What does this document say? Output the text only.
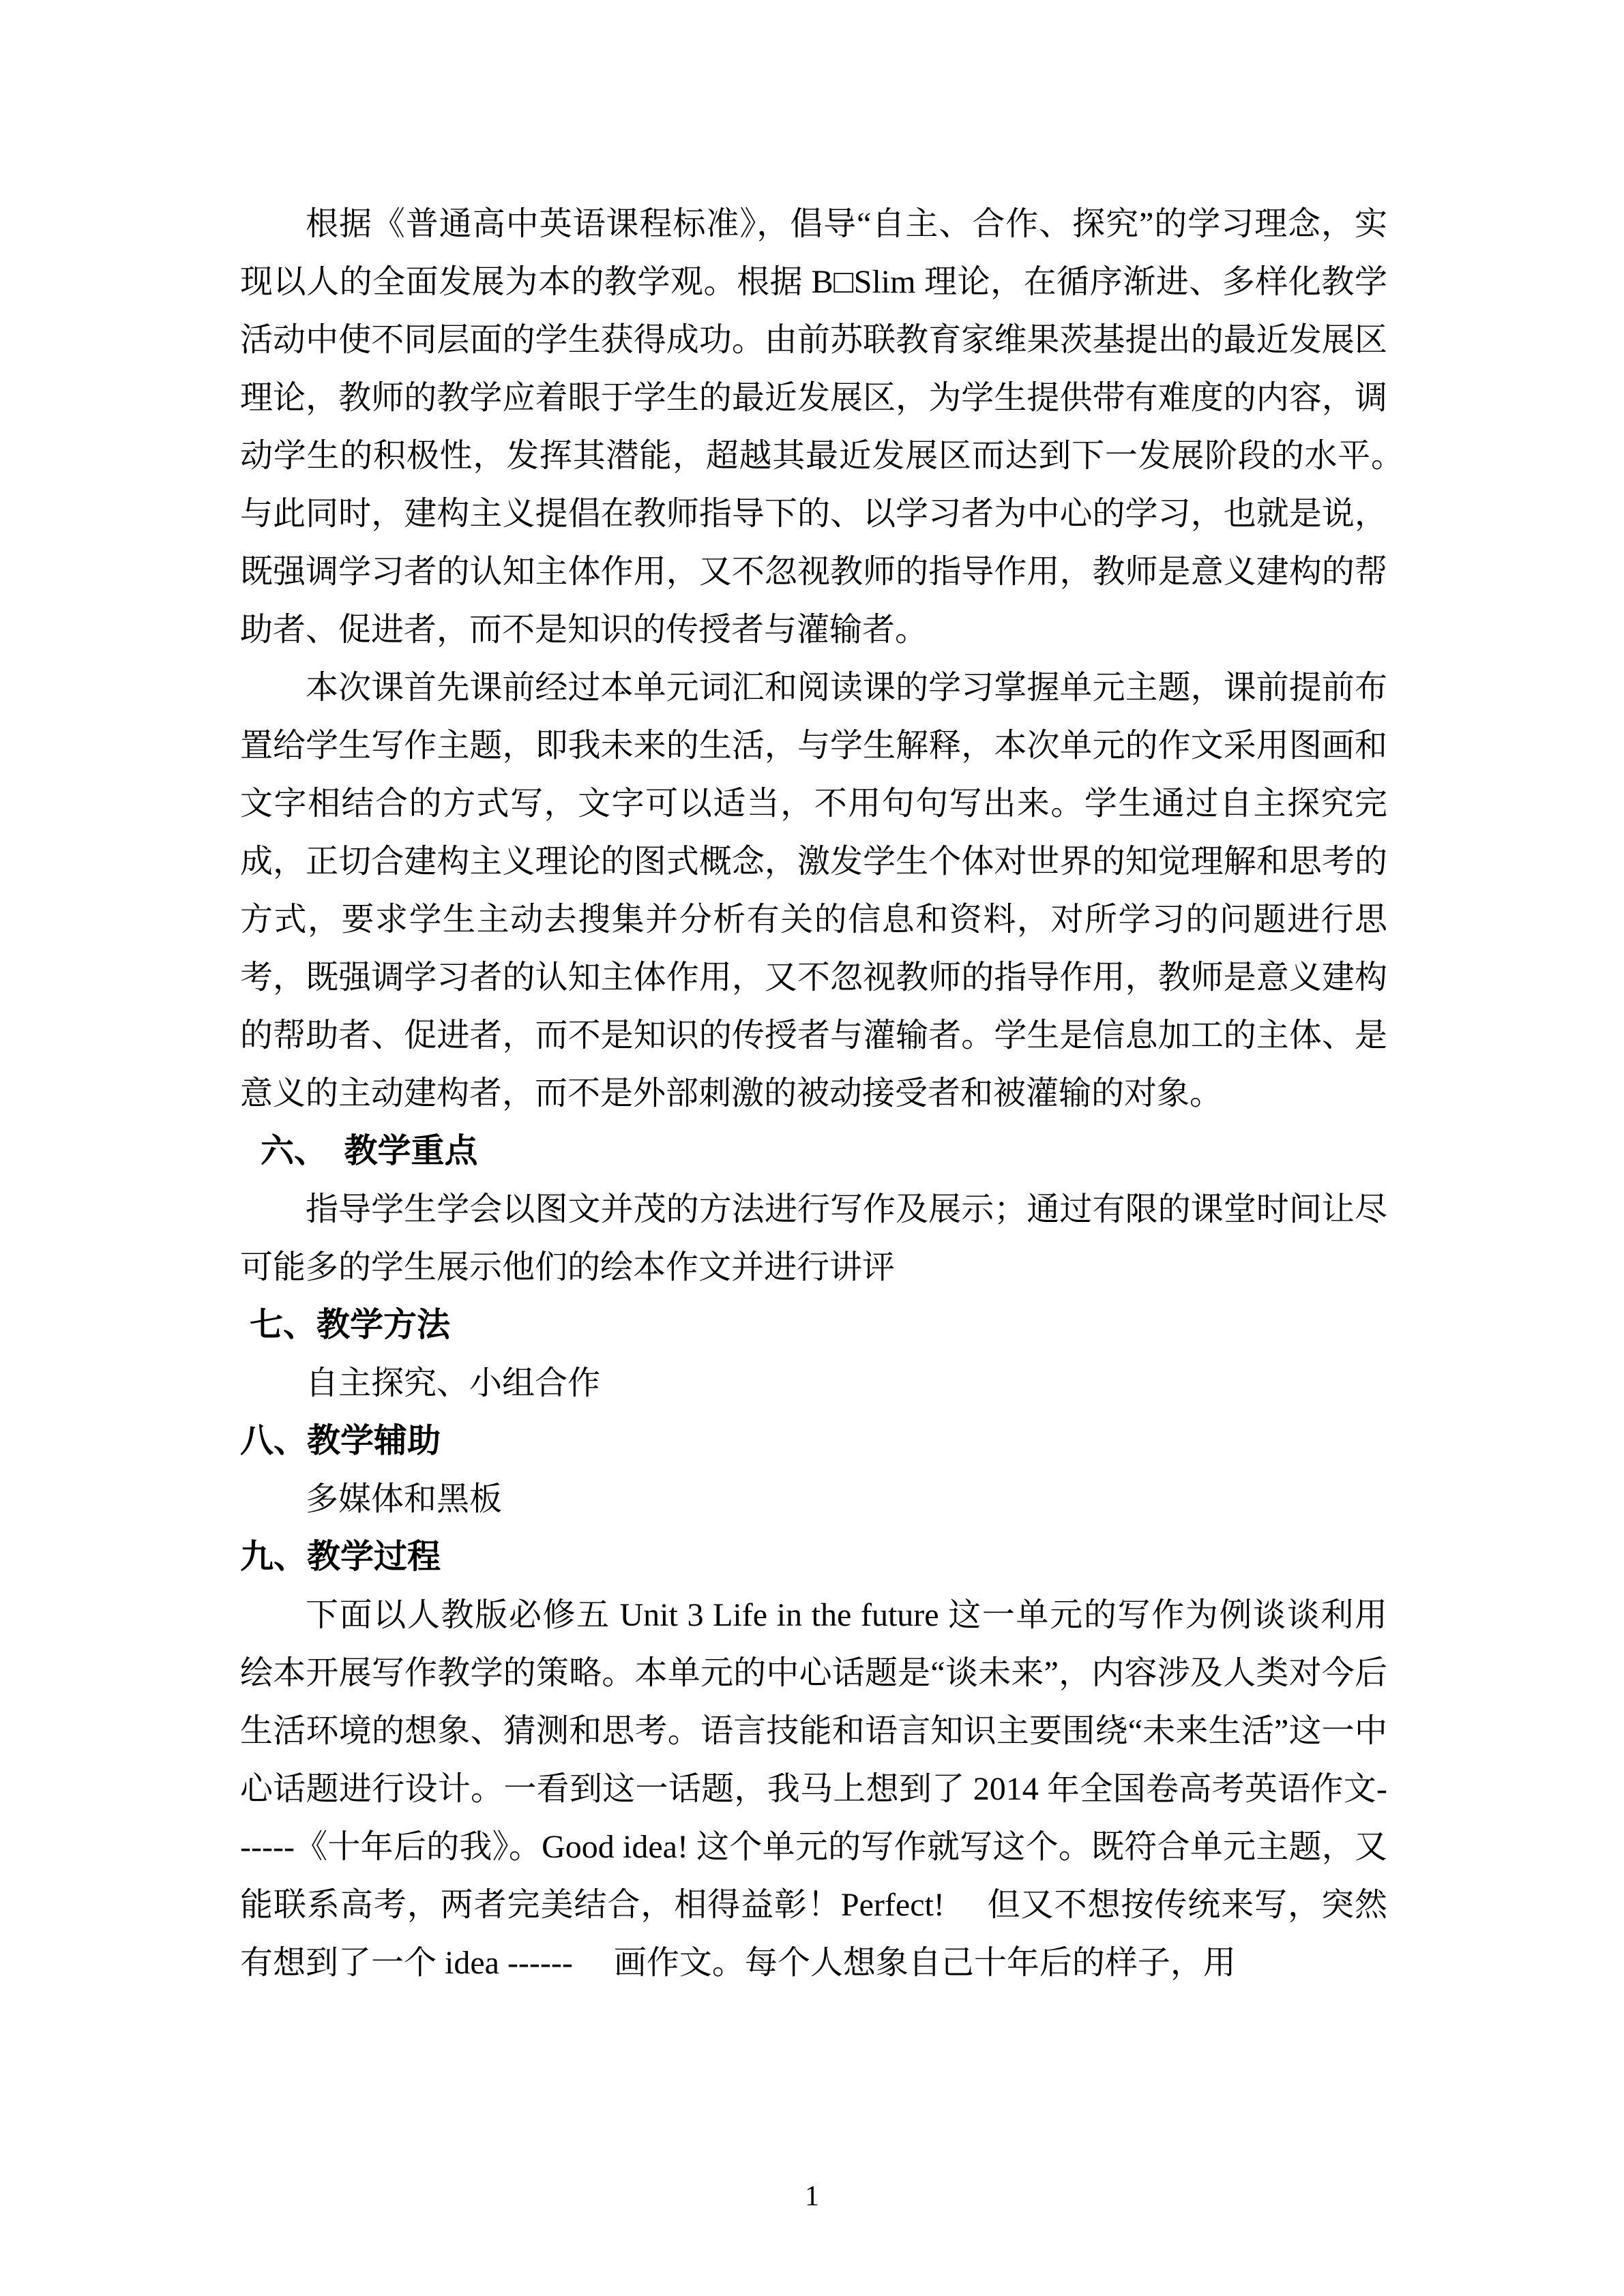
根据《普通高中英语课程标准》，倡导“自主、合作、探究”的学习理念，实现以人的全面发展为本的教学观。根据 B□Slim 理论，在循序渐进、多样化教学活动中使不同层面的学生获得成功。由前苏联教育家维果茨基提出的最近发展区理论，教师的教学应着眼于学生的最近发展区，为学生提供带有难度的内容，调动学生的积极性，发挥其潜能，超越其最近发展区而达到下一发展阶段的水平。　与此同时，建构主义提倡在教师指导下的、以学习者为中心的学习，也就是说，既强调学习者的认知主体作用，又不忽视教师的指导作用，教师是意义建构的帮助者、促进者，而不是知识的传授者与灌输者。

本次课首先课前经过本单元词汇和阅读课的学习掌握单元主题，课前提前布置给学生写作主题，即我未来的生活，与学生解释，本次单元的作文采用图画和文字相结合的方式写，文字可以适当，不用句句写出来。学生通过自主探究完成，正切合建构主义理论的图式概念，激发学生个体对世界的知觉理解和思考的方式，要求学生主动去搜集并分析有关的信息和资料，对所学习的问题进行思考，既强调学习者的认知主体作用，又不忽视教师的指导作用，教师是意义建构的帮助者、促进者，而不是知识的传授者与灌输者。学生是信息加工的主体、是意义的主动建构者，而不是外部刺激的被动接受者和被灌输的对象。

六、　教学重点

指导学生学会以图文并茂的方法进行写作及展示；通过有限的课堂时间让尽可能多的学生展示他们的绘本作文并进行讲评

七、教学方法

自主探究、小组合作

八、教学辅助

多媒体和黑板

九、教学过程

下面以人教版必修五 Unit 3 Life in the future 这一单元的写作为例谈谈利用绘本开展写作教学的策略。本单元的中心话题是“谈未来”，内容涉及人类对今后生活环境的想象、猜测和思考。语言技能和语言知识主要围绕“未来生活”这一中心话题进行设计。一看到这一话题，我马上想到了 2014 年全国卷高考英语作文------《十年后的我》。Good idea! 这个单元的写作就写这个。既符合单元主题，又能联系高考，两者完美结合，相得益彰！Perfect!　 但又不想按传统来写，突然有想到了一个 idea ------　 画作文。每个人想象自己十年后的样子，用

1
